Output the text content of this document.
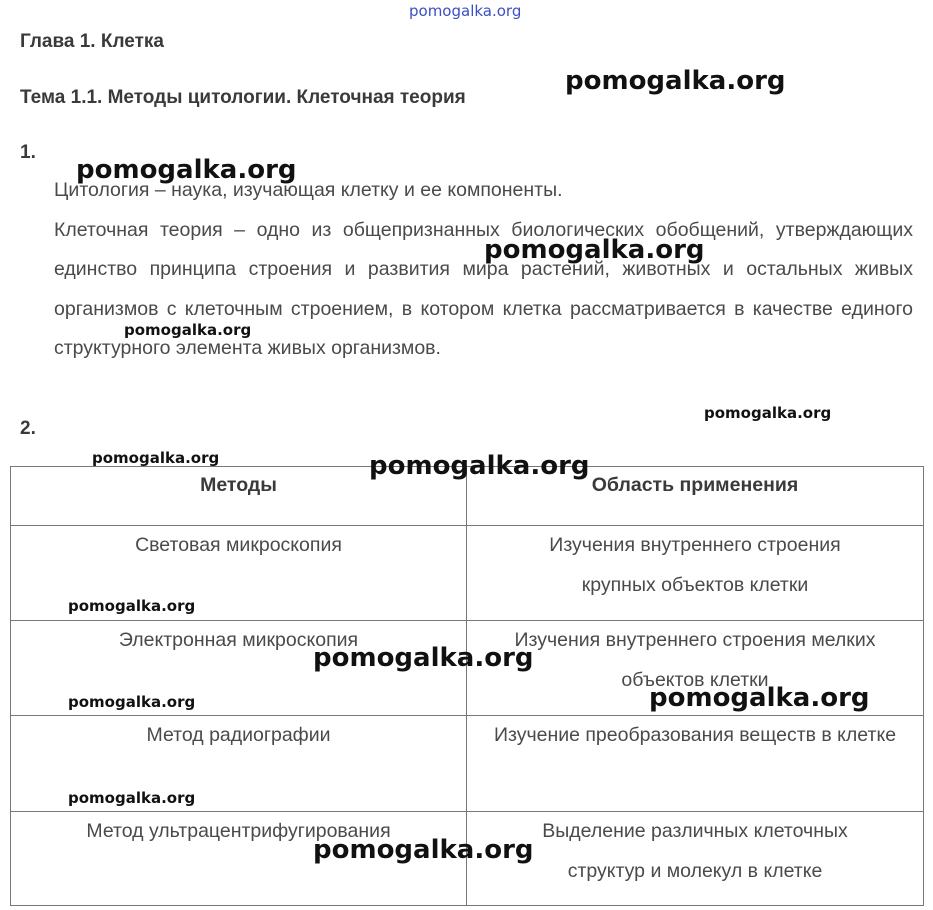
Глава 1. Клетка
Тема 1.1. Методы цитологии. Клеточная теория
1.

Цитология – наука, изучающая клетку и ее компоненты.

Клеточная теория – одно из общепризнанных биологических обобщений, утверждающих единство принципа строения и развития мира растений, животных и остальных живых организмов с клеточным строением, в котором клетка рассматривается в качестве единого структурного элемента живых организмов.

2.
Методы	Область применения
Световая микроскопия	Изучения внутреннего строения крупных объектов клетки
Электронная микроскопия	Изучения внутреннего строения мелких объектов клетки
Метод радиографии	Изучение преобразования веществ в клетке
Метод ультрацентрифугирования	Выделение различных клеточных структур и молекул в клетке
pomogalka.org
pomogalka.org
pomogalka.org
pomogalka.org
pomogalka.org
pomogalka.org
pomogalka.org	pomogalka.org
pomogalka.org
pomogalka.org
pomogalka.org
pomogalka.org
pomogalka.org
pomogalka.org
